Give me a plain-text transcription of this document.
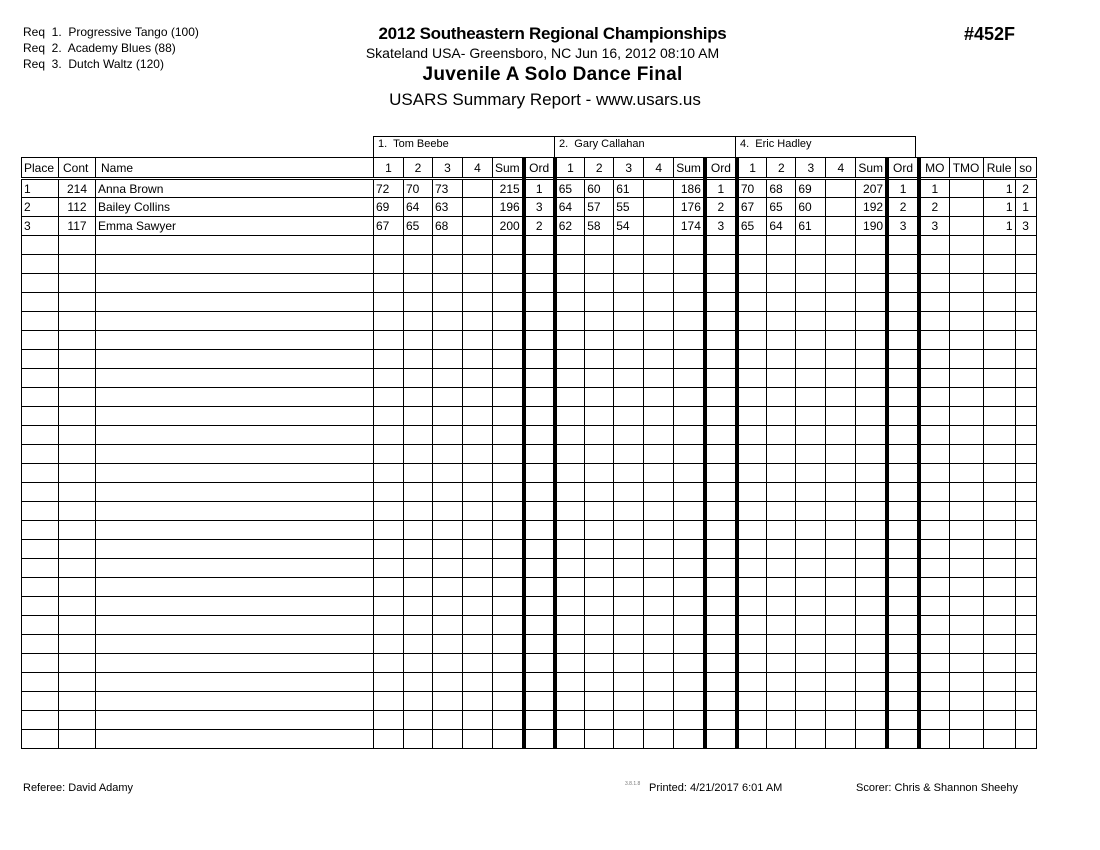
Req  1.  Progressive Tango (100)
Req  2.  Academy Blues (88)
Req  3.  Dutch Waltz (120)
2012 Southeastern Regional Championships
Skateland USA- Greensboro, NC Jun 16, 2012 08:10 AM
Juvenile A Solo Dance Final
USARS Summary Report - www.usars.us
#452F
1.  Tom Beebe	2.  Gary Callahan	4.  Eric Hadley
Place	Cont	Name	1	2	3	4	Sum	Ord	1	2	3	4	Sum	Ord	1	2	3	4	Sum	Ord	MO	TMO	Rule	so
1	214	Anna Brown	72	70	73		215	1	65	60	61		186	1	70	68	69		207	1	1		1	2
2	112	Bailey Collins	69	64	63		196	3	64	57	55		176	2	67	65	60		192	2	2		1	1
3	117	Emma Sawyer	67	65	68		200	2	62	58	54		174	3	65	64	61		190	3	3		1	3

Referee: David Adamy	3.8.1.8 Printed: 4/21/2017 6:01 AM	Scorer: Chris & Shannon Sheehy
